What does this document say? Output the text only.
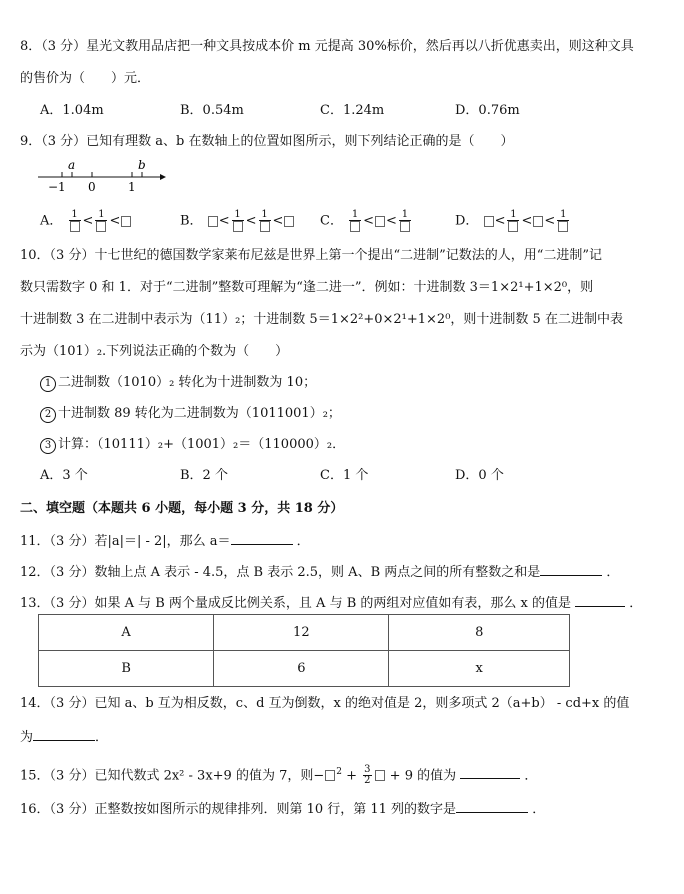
8．（3 分）星光文教用品店把一种文具按成本价 m 元提高 30%标价，然后再以八折优惠卖出，则这种文具
的售价为（　　）元．
A．1.04m	B．0.54m	C．1.24m	D．0.76m
9．（3 分）已知有理数 a、b 在数轴上的位置如图所示，则下列结论正确的是（　　）
a	b
−1 0	1
A． 1 < 1 <	B． < 1 < 1 <	C． 1 < < 1	D． < 1 < < 1
10．（3 分）十七世纪的德国数学家莱布尼兹是世界上第一个提出“二进制”记数法的人，用“二进制”记
数只需数字 0 和 1．对于“二进制”整数可理解为“逢二进一”．例如：十进制数 3＝1×2¹+1×2⁰，则
十进制数 3 在二进制中表示为（11）₂；十进制数 5＝1×2²+0×2¹+1×2⁰，则十进制数 5 在二进制中表
示为（101）₂.下列说法正确的个数为（　　）
1 二进制数（1010）₂ 转化为十进制数为 10；
2 十进制数 89 转化为二进制数为（1011001）₂；
3 计算：（10111）₂+（1001）₂＝（110000）₂．
A．3 个	B．2 个	C．1 个	D．0 个
二、填空题（本题共 6 小题，每小题 3 分，共 18 分）
11．（3 分）若|a|＝| - 2|，那么 a＝	．
12．（3 分）数轴上点 A 表示 - 4.5，点 B 表示 2.5，则 A、B 两点之间的所有整数之和是	．
13．（3 分）如果 A 与 B 两个量成反比例关系，且 A 与 B 的两组对应值如有表，那么 x 的值是	．
A	12	8
B	6	x
14．（3 分）已知 a、b 互为相反数，c、d 互为倒数，x 的绝对值是 2，则多项式 2（a+b） - cd+x 的值
为	．
15．（3 分）已知代数式 2x² - 3x+9 的值为 7，则− $^2 + \frac{3}{2} + 9$ 的值为	．
16．（3 分）正整数按如图所示的规律排列．则第 10 行，第 11 列的数字是	．
